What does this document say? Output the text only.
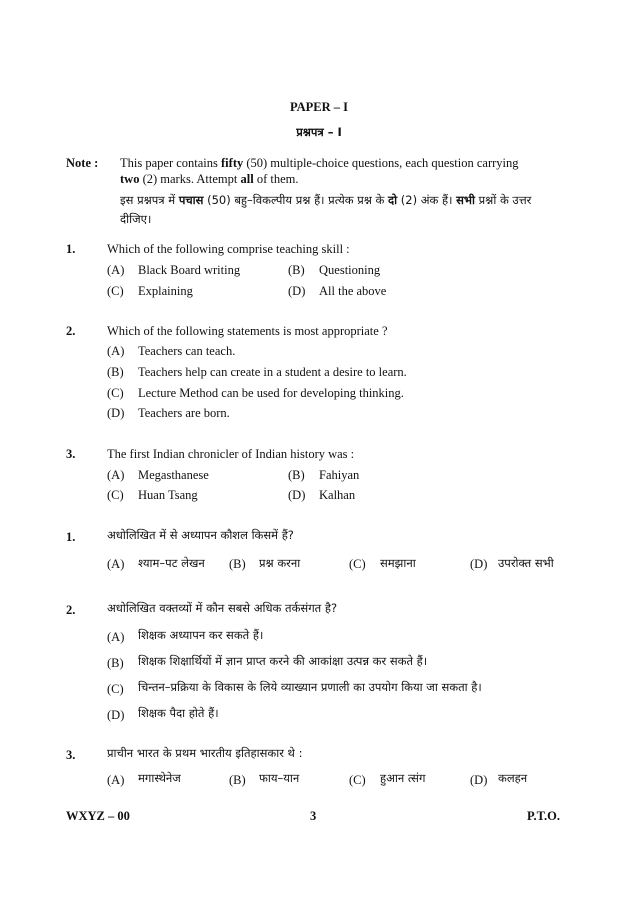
PAPER – I
प्रश्नपत्र – I
Note : This paper contains fifty (50) multiple-choice questions, each question carrying
two (2) marks. Attempt all of them.
इस प्रश्नपत्र में पचास (50) बहु–विकल्पीय प्रश्न हैं। प्रत्येक प्रश्न के दो (2) अंक हैं। सभी प्रश्नों के उत्तर
दीजिए।
1.	Which of the following comprise teaching skill :
(A) Black Board writing	(B) Questioning
(C) Explaining	(D) All the above
2.	Which of the following statements is most appropriate ?
(A) Teachers can teach.
(B) Teachers help can create in a student a desire to learn.
(C) Lecture Method can be used for developing thinking.
(D) Teachers are born.
3.	The first Indian chronicler of Indian history was :
(A) Megasthanese	(B) Fahiyan
(C) Huan Tsang	(D) Kalhan
1.	अधोलिखित में से अध्यापन कौशल किसमें हैं?
(A) श्याम–पट लेखन (B) प्रश्न करना	(C) समझाना	(D) उपरोक्त सभी
2.	अधोलिखित वक्तव्यों में कौन सबसे अधिक तर्कसंगत है?
(A) शिक्षक अध्यापन कर सकते हैं।
(B) शिक्षक शिक्षार्थियों में ज्ञान प्राप्त करने की आकांक्षा उत्पन्न कर सकते हैं।
(C) चिन्तन–प्रक्रिया के विकास के लिये व्याख्यान प्रणाली का उपयोग किया जा सकता है।
(D) शिक्षक पैदा होते हैं।
3.	प्राचीन भारत के प्रथम भारतीय इतिहासकार थे :
(A) मगास्थेनेज	(B) फाय–यान	(C) हुआन त्संग	(D) कलहन
WXYZ – 00	3	P.T.O.
